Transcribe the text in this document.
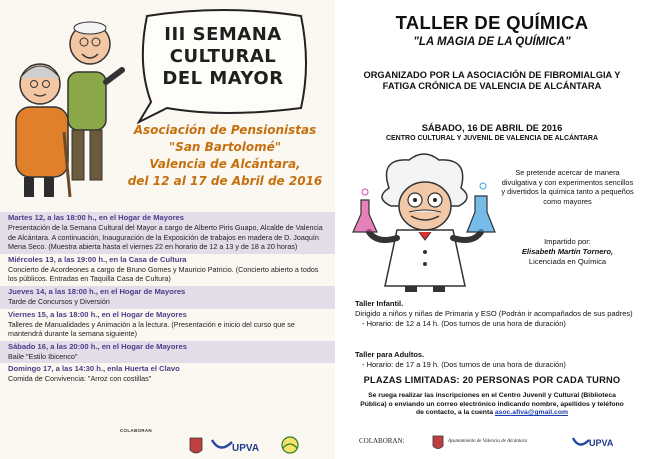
III SEMANA
CULTURAL
DEL MAYOR
Asociación de Pensionistas
"San Bartolomé"
Valencia de Alcántara,
del 12 al 17 de Abril de 2016
Martes 12, a las 18:00 h., en el Hogar de Mayores
Presentación de la Semana Cultural del Mayor a cargo de Alberto Piris Guapo, Alcalde de Valencia de Alcántara. A continuación, Inauguración de la Exposición de trabajos en madera de D. Joaquín Mena Seco. (Muestra abierta hasta el viernes 22 en horario de 12 a 13 y de 18 a 20 horas)
Miércoles 13, a las 19:00 h., en la Casa de Cultura
Concierto de Acordeones a cargo de Bruno Gomes y Mauricio Patricio. (Concierto abierto a todos los públicos. Entradas en Taquilla Casa de Cultura)
Jueves 14, a las 18:00 h., en el Hogar de Mayores
Tarde de Concursos y Diversión
Viernes 15, a las 18:00 h., en el Hogar de Mayores
Talleres de Manualidades y Animación a la lectura. (Presentación e inicio del curso que se mantendrá durante la semana siguiente)
Sábado 16, a las 20:00 h., en el Hogar de Mayores
Baile "Estilo Ibicenco"
Domingo 17, a las 14:30 h., enla Huerta el Clavo
Comida de Convivencia: "Arroz con costillas"
COLABORAN
UPVA
TALLER DE QUÍMICA
"LA MAGIA DE LA QUÍMICA"
ORGANIZADO POR LA ASOCIACIÓN DE FIBROMIALGIA Y FATIGA CRÓNICA DE VALENCIA DE ALCÁNTARA
SÁBADO, 16 DE ABRIL DE 2016
CENTRO CULTURAL Y JUVENIL DE VALENCIA DE ALCÁNTARA
Se pretende acercar de manera divulgativa y con experimentos sencillos y divertidos la química tanto a pequeños como mayores
Impartido por:
Elisabeth Martín Tornero,
Licenciada en Química
Taller Infantil.
Dirigido a niños y niñas de Primaria y ESO (Podrán ir acompañados de sus padres)
- Horario: de 12 a 14 h. (Dos turnos de una hora de duración)
Taller para Adultos.
- Horario: de 17 a 19 h. (Dos turnos de una hora de duración)
PLAZAS LIMITADAS: 20 PERSONAS POR CADA TURNO
Se ruega realizar las inscripciones en el Centro Juvenil y Cultural (Biblioteca Pública) o enviando un correo electrónico indicando nombre, apellidos y teléfono de contacto, a la cuenta asoc.afiva@gmail.com
COLABORAN:	Ayuntamiento de Valencia de Alcántara	UPVA
